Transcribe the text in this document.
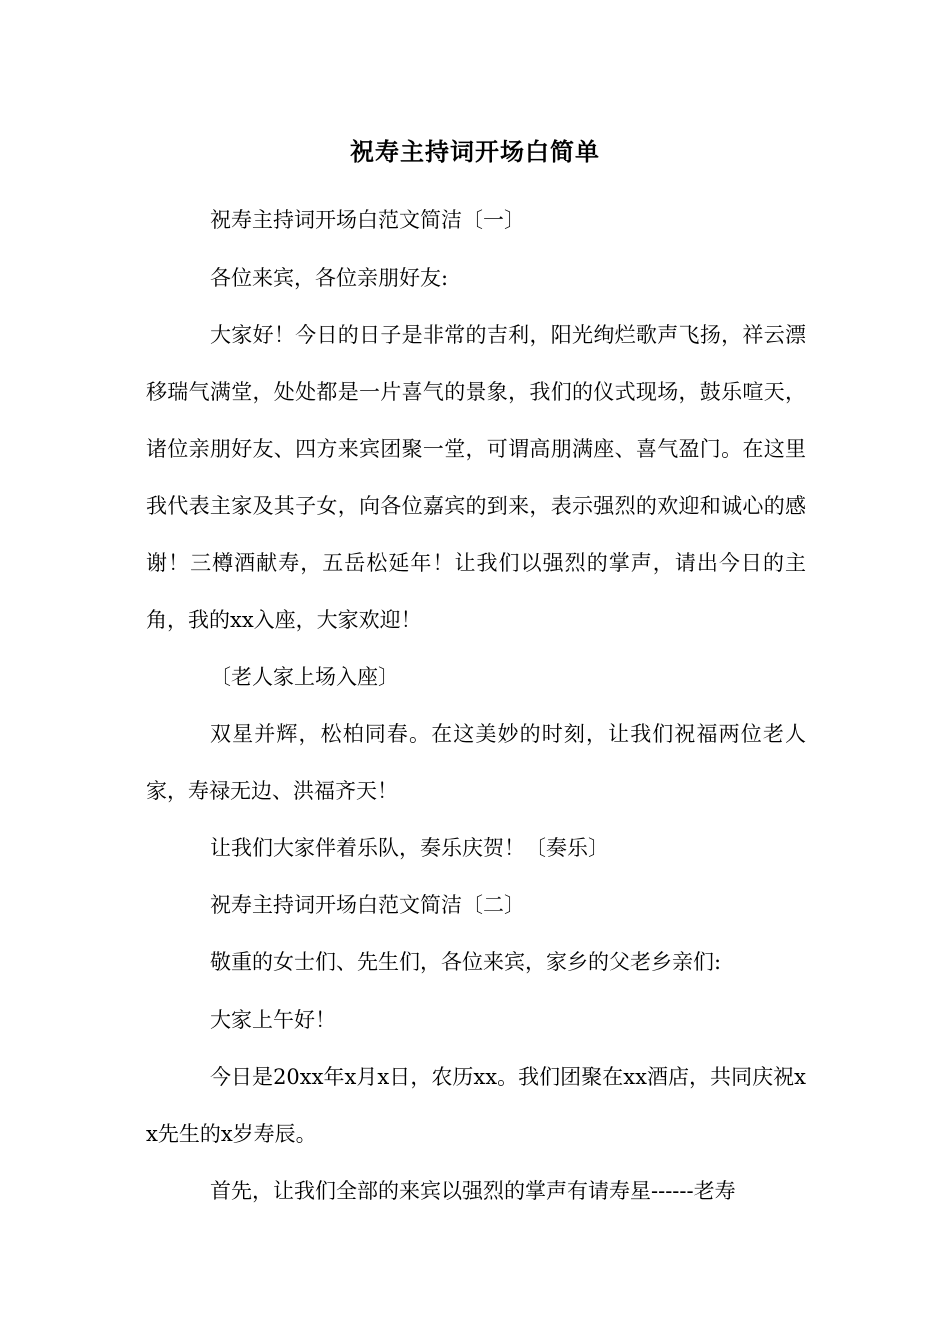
祝寿主持词开场白简单
祝寿主持词开场白范文简洁〔一〕
各位来宾，各位亲朋好友:
大家好！今日的日子是非常的吉利，阳光绚烂歌声飞扬，祥云漂移瑞气满堂，处处都是一片喜气的景象，我们的仪式现场，鼓乐喧天，诸位亲朋好友、四方来宾团聚一堂，可谓高朋满座、喜气盈门。在这里我代表主家及其子女，向各位嘉宾的到来，表示强烈的欢迎和诚心的感谢！三樽酒献寿，五岳松延年！让我们以强烈的掌声，请出今日的主角，我的xx入座，大家欢迎！
〔老人家上场入座〕
双星并辉，松柏同春。在这美妙的时刻，让我们祝福两位老人家，寿禄无边、洪福齐天！
让我们大家伴着乐队，奏乐庆贺！〔奏乐〕
祝寿主持词开场白范文简洁〔二〕
敬重的女士们、先生们，各位来宾，家乡的父老乡亲们:
大家上午好！
今日是20xx年x月x日，农历xx。我们团聚在xx酒店，共同庆祝xx先生的x岁寿辰。
首先，让我们全部的来宾以强烈的掌声有请寿星------老寿
